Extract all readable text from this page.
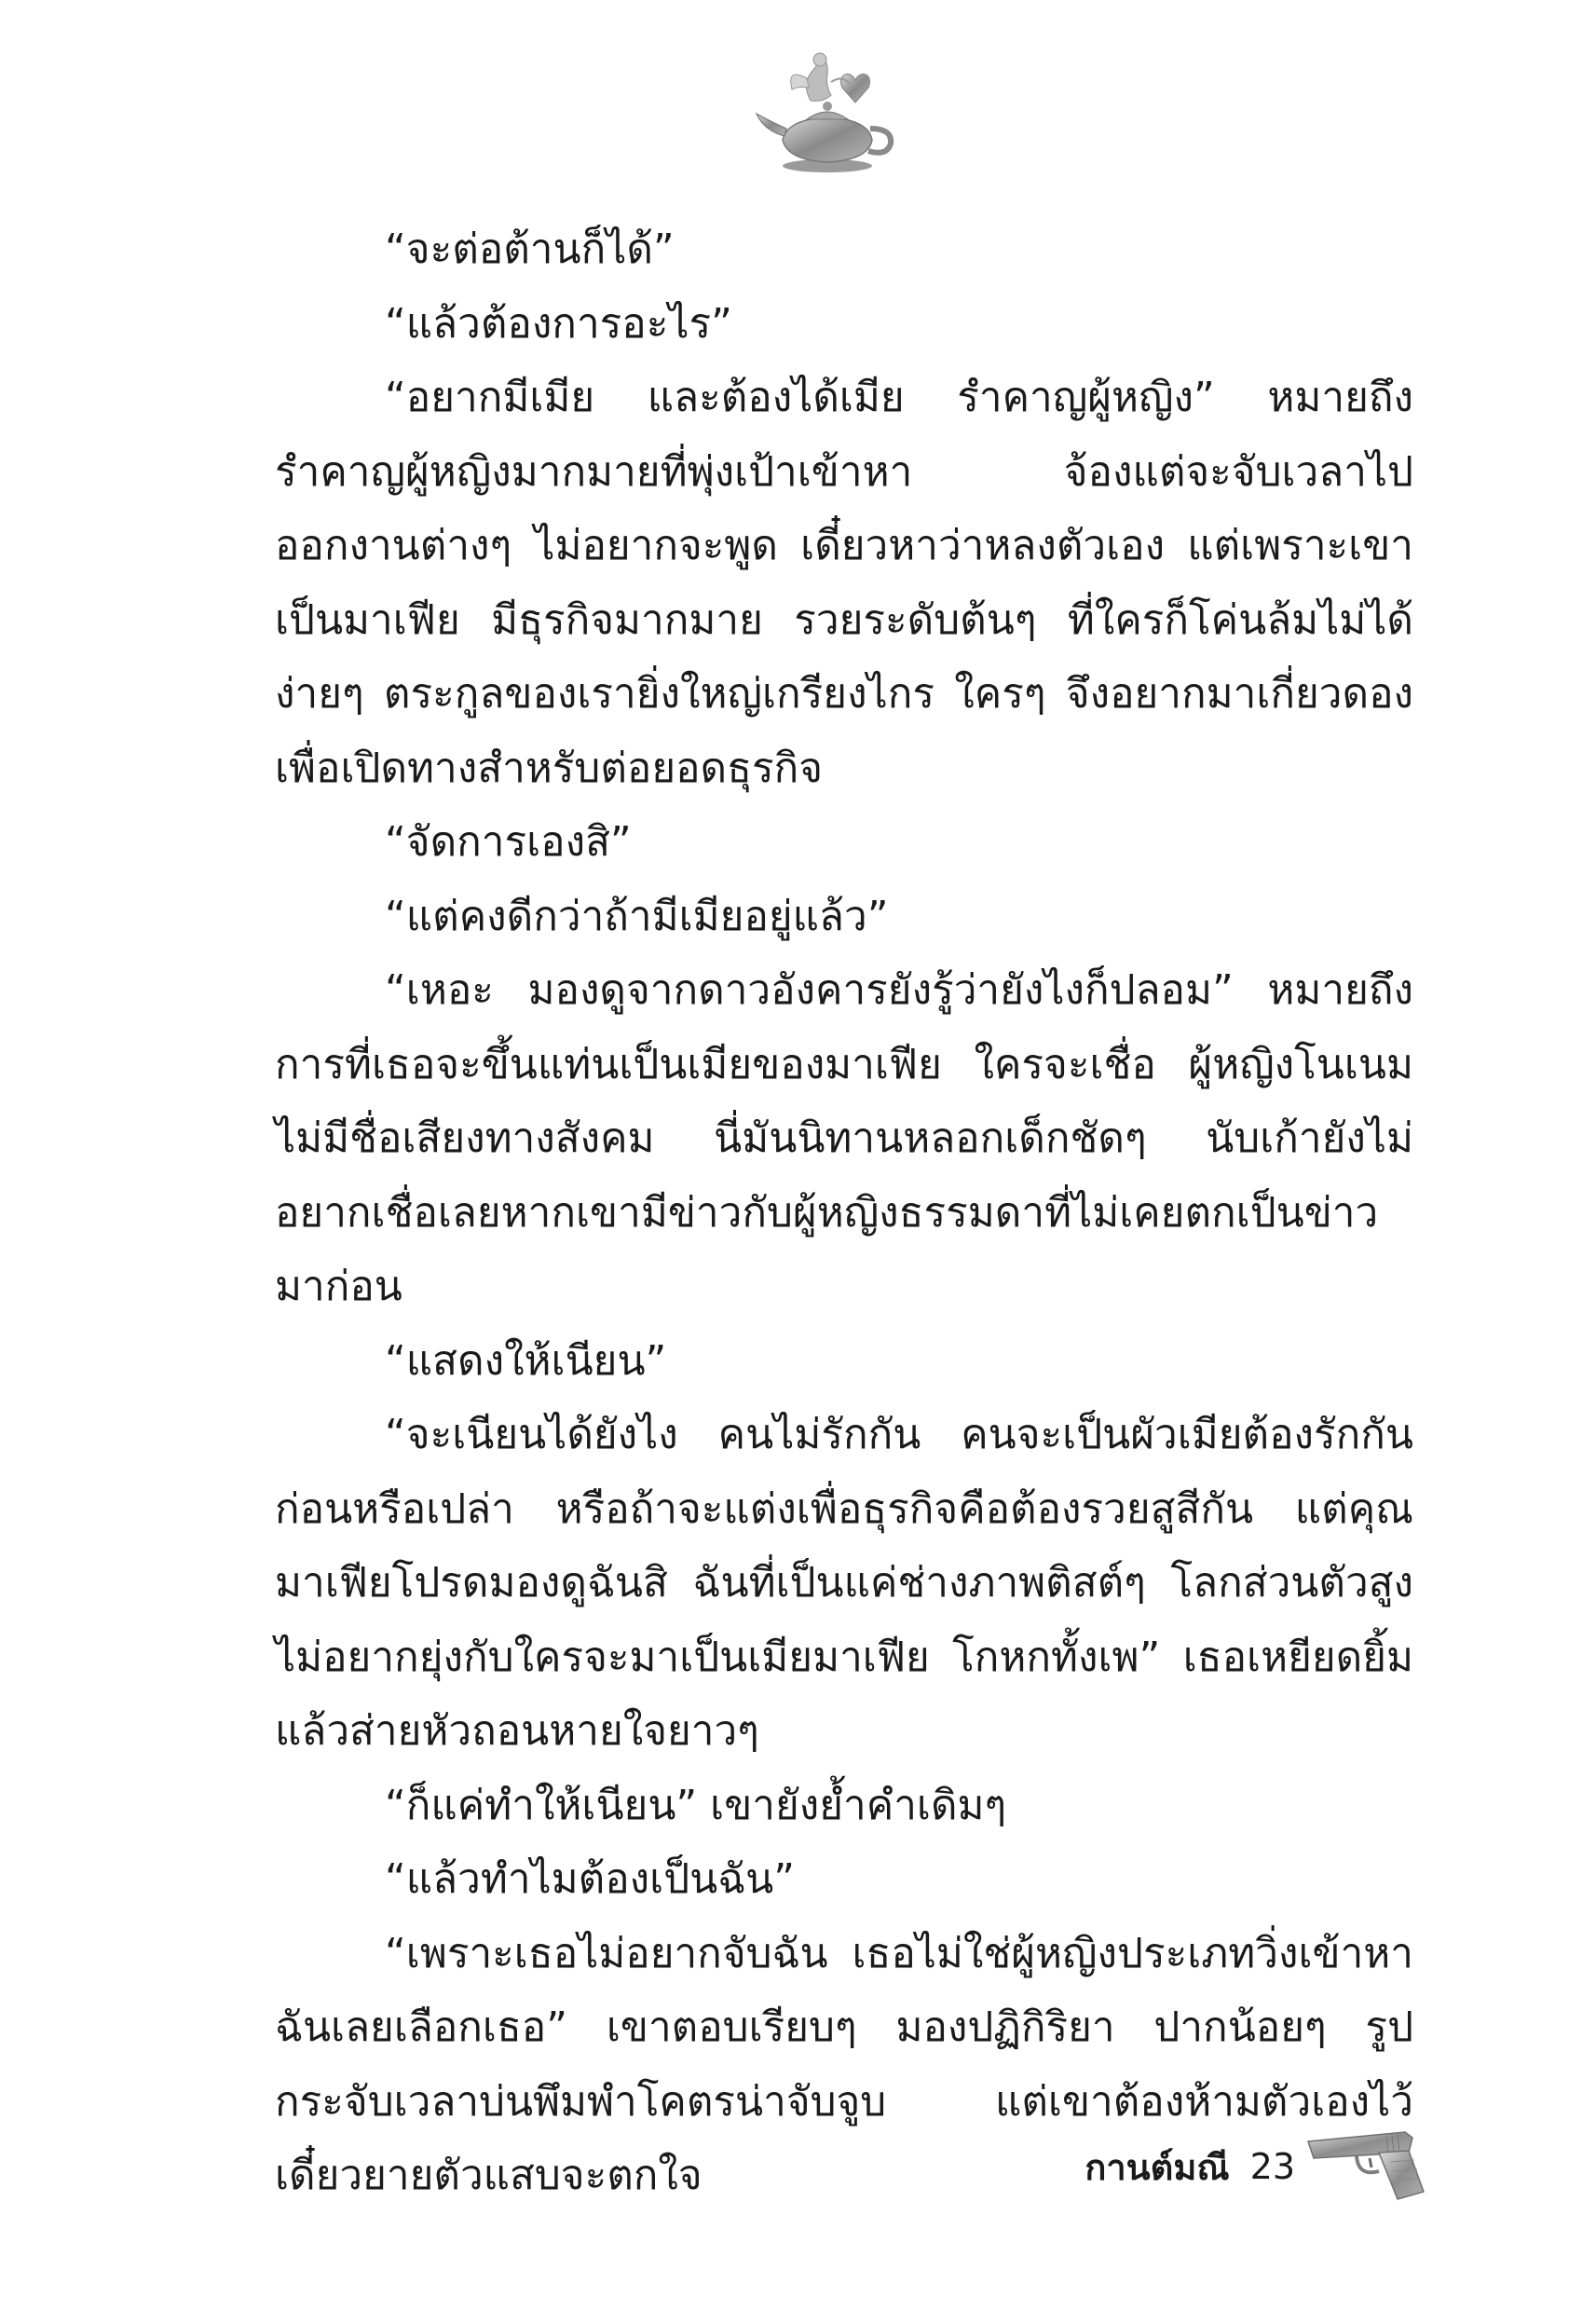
“จะต่อต้านก็ได้”

“แล้วต้องการอะไร”

“อยากมีเมีย และต้องได้เมีย รำคาญผู้หญิง” หมายถึงรำคาญผู้หญิงมากมายที่พุ่งเป้าเข้าหา จ้องแต่จะจับเวลาไปออกงานต่างๆ ไม่อยากจะพูด เดี๋ยวหาว่าหลงตัวเอง แต่เพราะเขาเป็นมาเฟีย มีธุรกิจมากมาย รวยระดับต้นๆ ที่ใครก็โค่นล้มไม่ได้ง่ายๆ ตระกูลของเรายิ่งใหญ่เกรียงไกร ใครๆ จึงอยากมาเกี่ยวดองเพื่อเปิดทางสำหรับต่อยอดธุรกิจ

“จัดการเองสิ”

“แต่คงดีกว่าถ้ามีเมียอยู่แล้ว”

“เหอะ มองดูจากดาวอังคารยังรู้ว่ายังไงก็ปลอม” หมายถึงการที่เธอจะขึ้นแท่นเป็นเมียของมาเฟีย ใครจะเชื่อ ผู้หญิงโนเนมไม่มีชื่อเสียงทางสังคม นี่มันนิทานหลอกเด็กชัดๆ นับเก้ายังไม่อยากเชื่อเลยหากเขามีข่าวกับผู้หญิงธรรมดาที่ไม่เคยตกเป็นข่าวมาก่อน

“แสดงให้เนียน”

“จะเนียนได้ยังไง คนไม่รักกัน คนจะเป็นผัวเมียต้องรักกันก่อนหรือเปล่า หรือถ้าจะแต่งเพื่อธุรกิจคือต้องรวยสูสีกัน แต่คุณมาเฟียโปรดมองดูฉันสิ ฉันที่เป็นแค่ช่างภาพติสต์ๆ โลกส่วนตัวสูง ไม่อยากยุ่งกับใครจะมาเป็นเมียมาเฟีย โกหกทั้งเพ” เธอเหยียดยิ้มแล้วส่ายหัวถอนหายใจยาวๆ

“ก็แค่ทำให้เนียน” เขายังย้ำคำเดิมๆ

“แล้วทำไมต้องเป็นฉัน”

“เพราะเธอไม่อยากจับฉัน เธอไม่ใช่ผู้หญิงประเภทวิ่งเข้าหาฉันเลยเลือกเธอ” เขาตอบเรียบๆ มองปฏิกิริยา ปากน้อยๆ รูปกระจับเวลาบ่นพึมพำโคตรน่าจับจูบ แต่เขาต้องห้ามตัวเองไว้ เดี๋ยวยายตัวแสบจะตกใจ	กานต์มณี 23
